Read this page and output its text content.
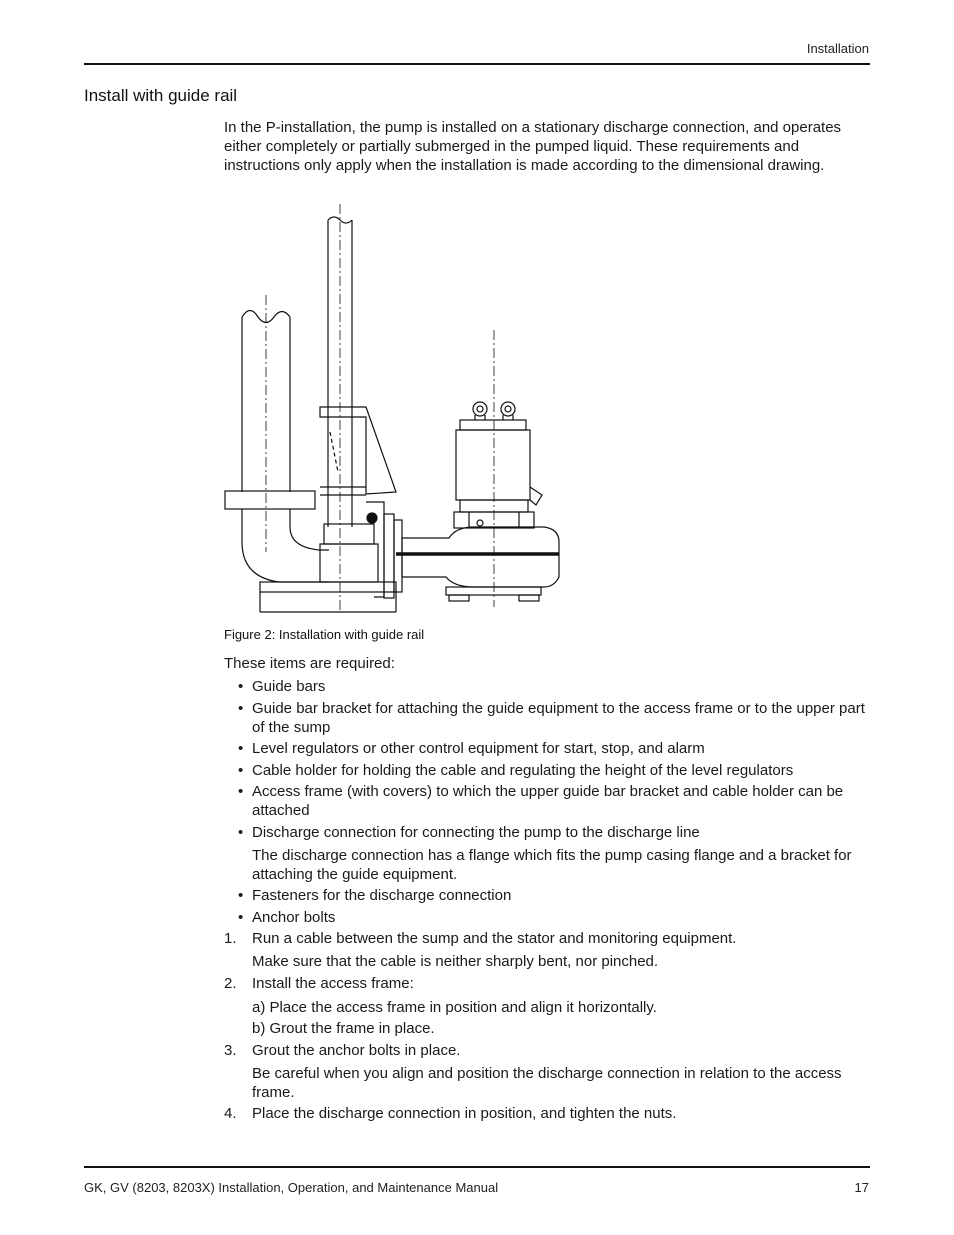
Installation
Install with guide rail

In the P-installation, the pump is installed on a stationary discharge connection, and operates either completely or partially submerged in the pumped liquid. These requirements and instructions only apply when the installation is made according to the dimensional drawing.

Figure 2: Installation with guide rail

These items are required:

• Guide bars
• Guide bar bracket for attaching the guide equipment to the access frame or to the upper part of the sump
• Level regulators or other control equipment for start, stop, and alarm
• Cable holder for holding the cable and regulating the height of the level regulators
• Access frame (with covers) to which the upper guide bar bracket and cable holder can be attached
• Discharge connection for connecting the pump to the discharge line
The discharge connection has a flange which fits the pump casing flange and a bracket for attaching the guide equipment.
• Fasteners for the discharge connection
• Anchor bolts
1. Run a cable between the sump and the stator and monitoring equipment.
Make sure that the cable is neither sharply bent, nor pinched.
2. Install the access frame:
a) Place the access frame in position and align it horizontally.
b) Grout the frame in place.
3. Grout the anchor bolts in place.
Be careful when you align and position the discharge connection in relation to the access frame.
4. Place the discharge connection in position, and tighten the nuts.
GK, GV (8203, 8203X) Installation, Operation, and Maintenance Manual	17
